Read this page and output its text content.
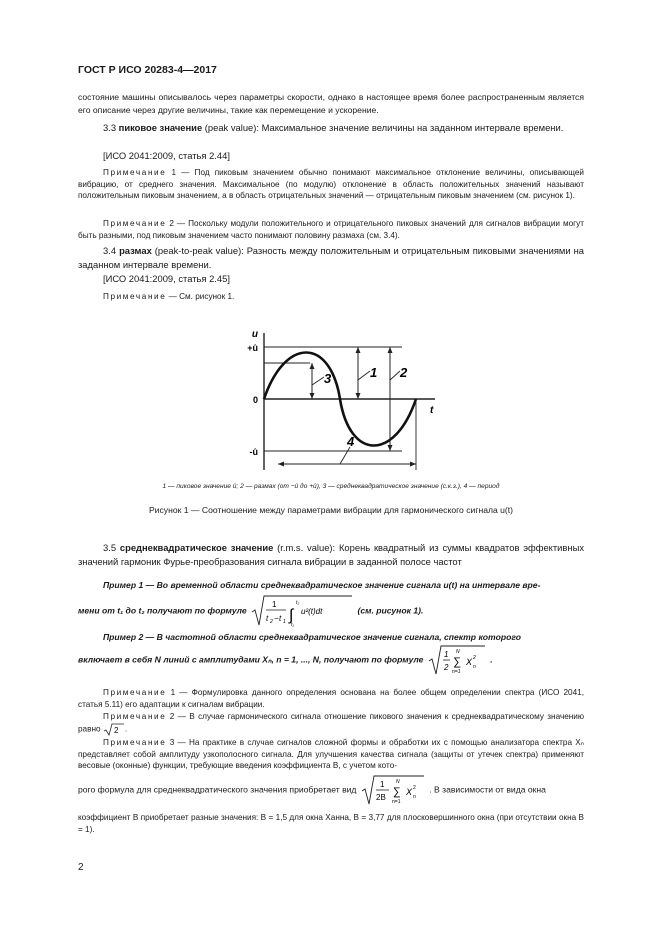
ГОСТ Р ИСО 20283-4—2017
состояние машины описывалось через параметры скорости, однако в настоящее время более распространенным является его описание через другие величины, такие как перемещение и ускорение.
3.3 пиковое значение (peak value): Максимальное значение величины на заданном интервале времени.
[ИСО 2041:2009, статья 2.44]
Примечание 1 — Под пиковым значением обычно понимают максимальное отклонение величины, описывающей вибрацию, от среднего значения. Максимальное (по модулю) отклонение в область положительных значений называют положительным пиковым значением, а в область отрицательных значений — отрицательным пиковым значением (см. рисунок 1).
Примечание 2 — Поскольку модули положительного и отрицательного пиковых значений для сигналов вибрации могут быть разными, под пиковым значением часто понимают половину размаха (см. 3.4).
3.4 размах (peak-to-peak value): Разность между положительным и отрицательным пиковыми значениями на заданном интервале времени.
[ИСО 2041:2009, статья 2.45]
Примечание — См. рисунок 1.
u
t
+û
0
-û
3	1 2
4
1 — пиковое значение û; 2 — размах (от −û до +û), 3 — среднеквадратическое значение (с.к.з.), 4 — период
Рисунок 1 — Соотношение между параметрами вибрации для гармонического сигнала u(t)
3.5 среднеквадратическое значение (r.m.s. value): Корень квадратный из суммы квадратов эффективных значений гармоник Фурье-преобразования сигнала вибрации в заданной полосе частот
Пример 1 — Во временной области среднеквадратическое значение сигнала u(t) на интервале вре-
мени от t₁ до t₂ получают по формуле
1
t 2 − t 1 ∫
t₂
t₁
u²(t)dt	(см. рисунок 1).
Пример 2 — В частотной области среднеквадратическое значение сигнала, спектр которого
включает в себя N линий с амплитудами Xₙ, n = 1, ..., N, получают по формуле	1
2
N
∑
n=1
X 2
n
.
Примечание 1 — Формулировка данного определения основана на более общем определении спектра (ИСО 2041, статья 5.11) его адаптации к сигналам вибрации.
Примечание 2 — В случае гармонического сигнала отношение пикового значения к среднеквадратическому значению равно 2 .
Примечание 3 — На практике в случае сигналов сложной формы и обработки их с помощью анализатора спектра Xₙ представляет собой амплитуду узкополосного сигнала. Для улучшения качества сигнала (защиты от утечек спектра) применяют весовые (оконные) функции, требующие введения коэффициента B, с учетом кото-
рого формула для среднеквадратического значения приобретает вид	1
2B
N
∑
n=1
X 2
n
. В зависимости от вида окна
коэффициент B приобретает разные значения: B = 1,5 для окна Ханна, B = 3,77 для плосковершинного окна (при отсутствии окна B = 1).
2
